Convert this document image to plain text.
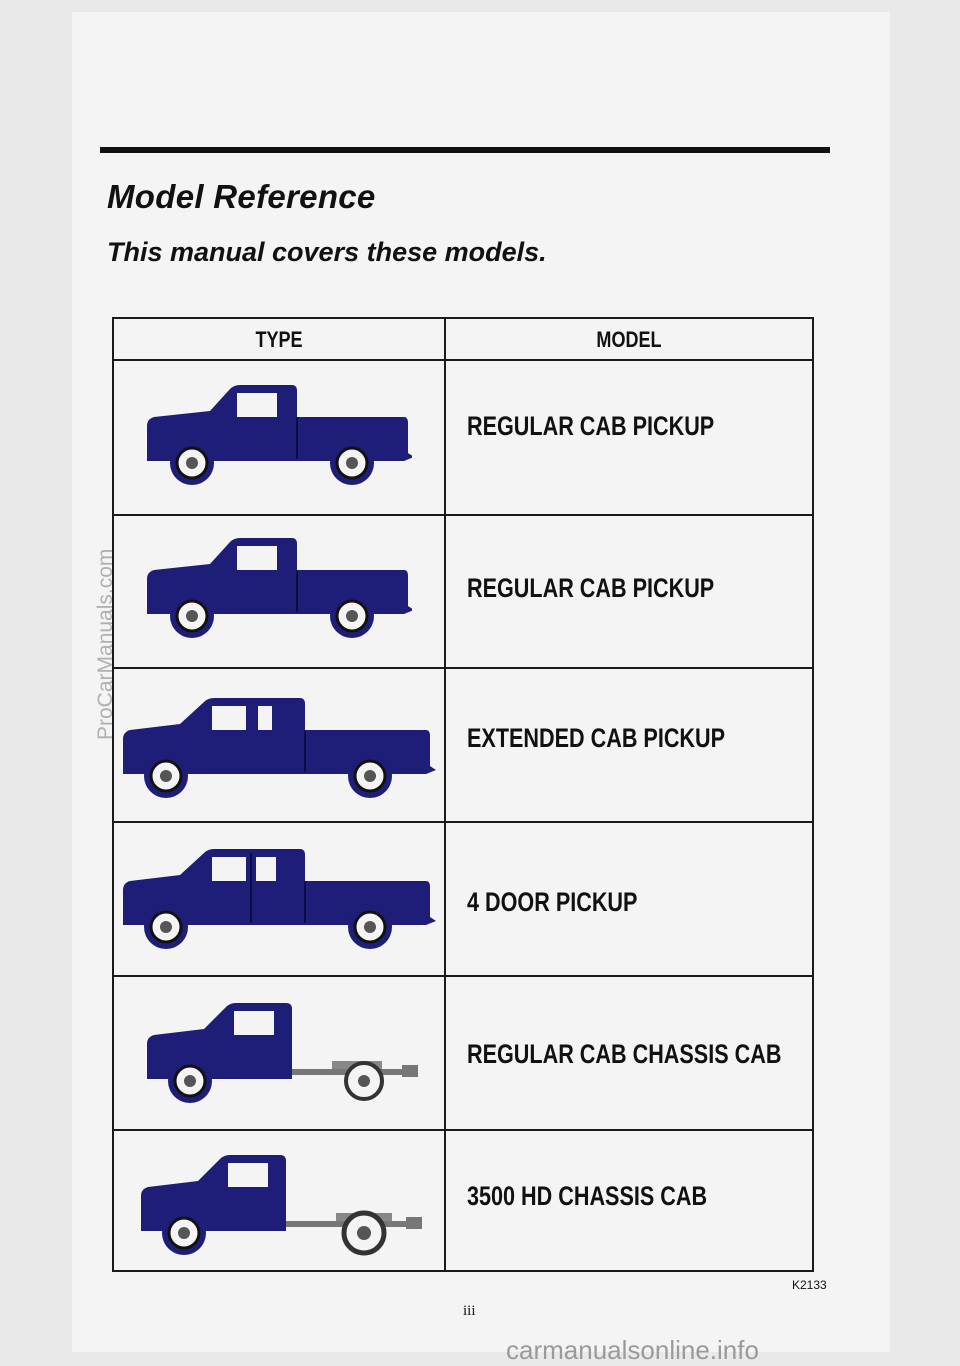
Model Reference
This manual covers these models.
TYPE	MODEL
REGULAR CAB PICKUP
REGULAR CAB PICKUP
EXTENDED CAB PICKUP
4 DOOR PICKUP
REGULAR CAB CHASSIS CAB
3500 HD CHASSIS CAB
K2133
iii
ProCarManuals.com
carmanualsonline.info
